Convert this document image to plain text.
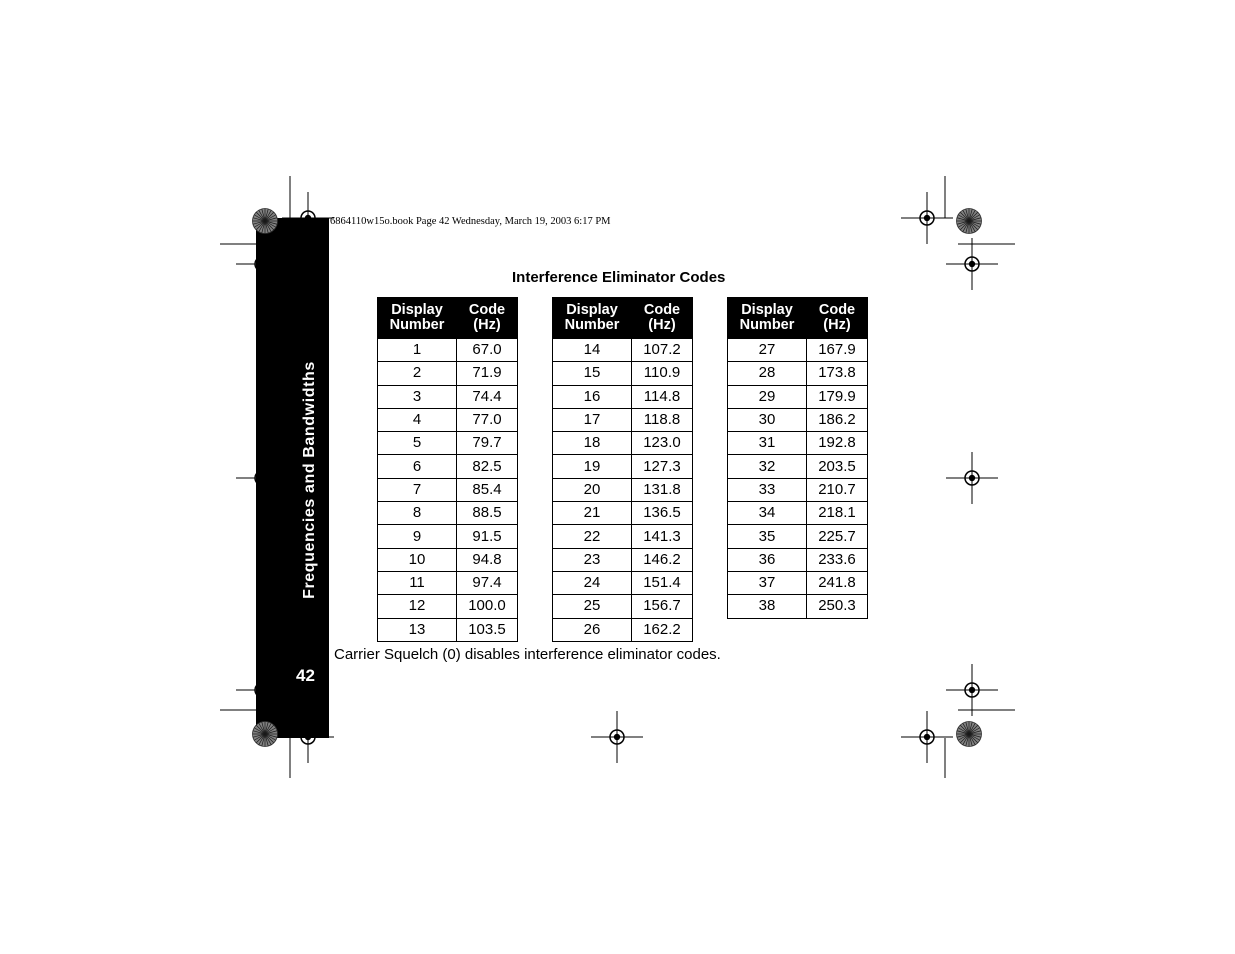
Frequencies and Bandwidths
42
6864110w15o.book Page 42 Wednesday, March 19, 2003 6:17 PM
Interference Eliminator Codes
Display
Number	Code
(Hz)
1	67.0
2	71.9
3	74.4
4	77.0
5	79.7
6	82.5
7	85.4
8	88.5
9	91.5
10	94.8
11	97.4
12	100.0
13	103.5
Display
Number	Code
(Hz)
14	107.2
15	110.9
16	114.8
17	118.8
18	123.0
19	127.3
20	131.8
21	136.5
22	141.3
23	146.2
24	151.4
25	156.7
26	162.2
Display
Number	Code
(Hz)
27	167.9
28	173.8
29	179.9
30	186.2
31	192.8
32	203.5
33	210.7
34	218.1
35	225.7
36	233.6
37	241.8
38	250.3
Carrier Squelch (0) disables interference eliminator codes.
